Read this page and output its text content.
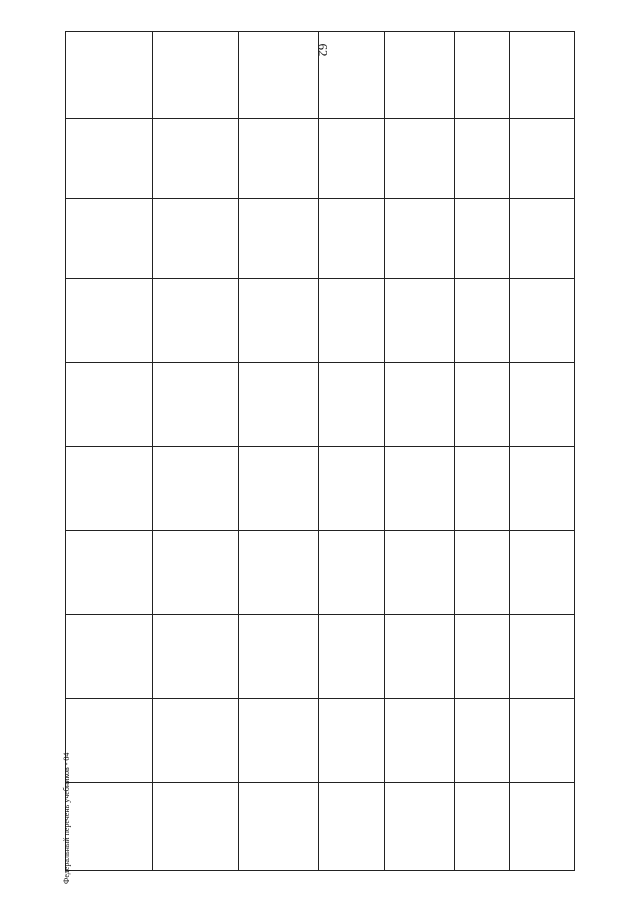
62
Федеральный перечень учебников - 04
